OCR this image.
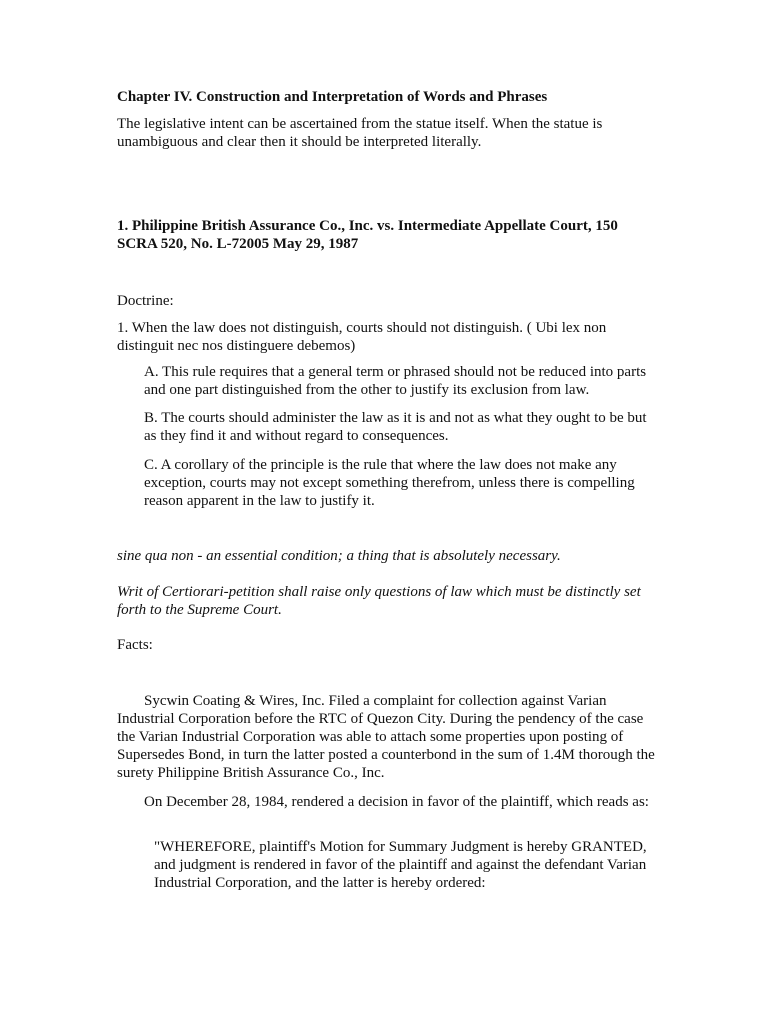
Chapter IV. Construction and Interpretation of Words and Phrases

The legislative intent can be ascertained from the statue itself. When the statue is unambiguous and clear then it should be interpreted literally.

1. Philippine British Assurance Co., Inc. vs. Intermediate Appellate Court, 150 SCRA 520, No. L-72005 May 29, 1987

Doctrine:

1. When the law does not distinguish, courts should not distinguish. ( Ubi lex non distinguit nec nos distinguere debemos)

A. This rule requires that a general term or phrased should not be reduced into parts and one part distinguished from the other to justify its exclusion from law.

B. The courts should administer the law as it is and not as what they ought to be but as they find it and without regard to consequences.

C. A corollary of the principle is the rule that where the law does not make any exception, courts may not except something therefrom, unless there is compelling reason apparent in the law to justify it.

sine qua non - an essential condition; a thing that is absolutely necessary.

Writ of Certiorari-petition shall raise only questions of law which must be distinctly set forth to the Supreme Court.

Facts:

Sycwin Coating & Wires, Inc. Filed a complaint for collection against Varian Industrial Corporation before the RTC of Quezon City. During the pendency of the case the Varian Industrial Corporation was able to attach some properties upon posting of Supersedes Bond, in turn the latter posted a counterbond in the sum of 1.4M thorough the surety Philippine British Assurance Co., Inc.

On December 28, 1984, rendered a decision in favor of the plaintiff, which reads as:

"WHEREFORE, plaintiff's Motion for Summary Judgment is hereby GRANTED, and judgment is rendered in favor of the plaintiff and against the defendant Varian Industrial Corporation, and the latter is hereby ordered:
